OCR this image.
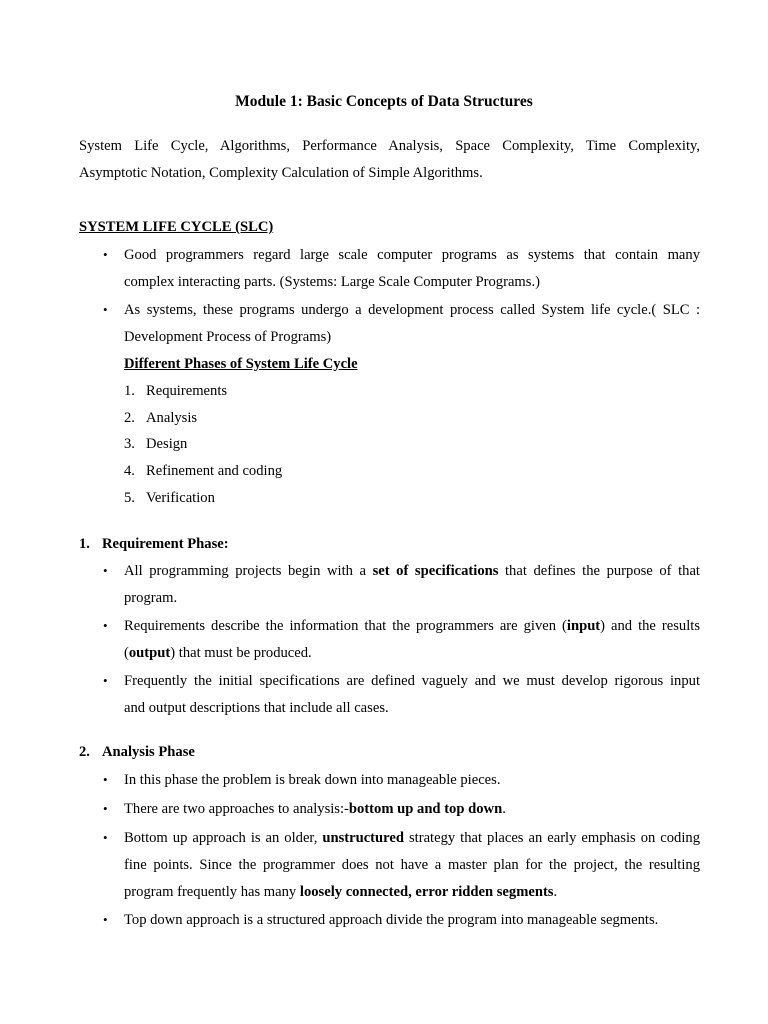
Module 1: Basic Concepts of Data Structures
System Life Cycle, Algorithms, Performance Analysis, Space Complexity, Time Complexity,
Asymptotic Notation, Complexity Calculation of Simple Algorithms.
SYSTEM LIFE CYCLE (SLC)
• Good programmers regard large scale computer programs as systems that contain many
complex interacting parts. (Systems: Large Scale Computer Programs.)
• As systems, these programs undergo a development process called System life cycle.( SLC :
Development Process of Programs)
Different Phases of System Life Cycle
1. Requirements
2. Analysis
3. Design
4. Refinement and coding
5. Verification
1. Requirement Phase:
• All programming projects begin with a set of specifications that defines the purpose of that
program.
• Requirements describe the information that the programmers are given (input) and the results
(output) that must be produced.
• Frequently the initial specifications are defined vaguely and we must develop rigorous input
and output descriptions that include all cases.
2. Analysis Phase
• In this phase the problem is break down into manageable pieces.
• There are two approaches to analysis:-bottom up and top down.
• Bottom up approach is an older, unstructured strategy that places an early emphasis on coding
fine points. Since the programmer does not have a master plan for the project, the resulting
program frequently has many loosely connected, error ridden segments.
• Top down approach is a structured approach divide the program into manageable segments.
